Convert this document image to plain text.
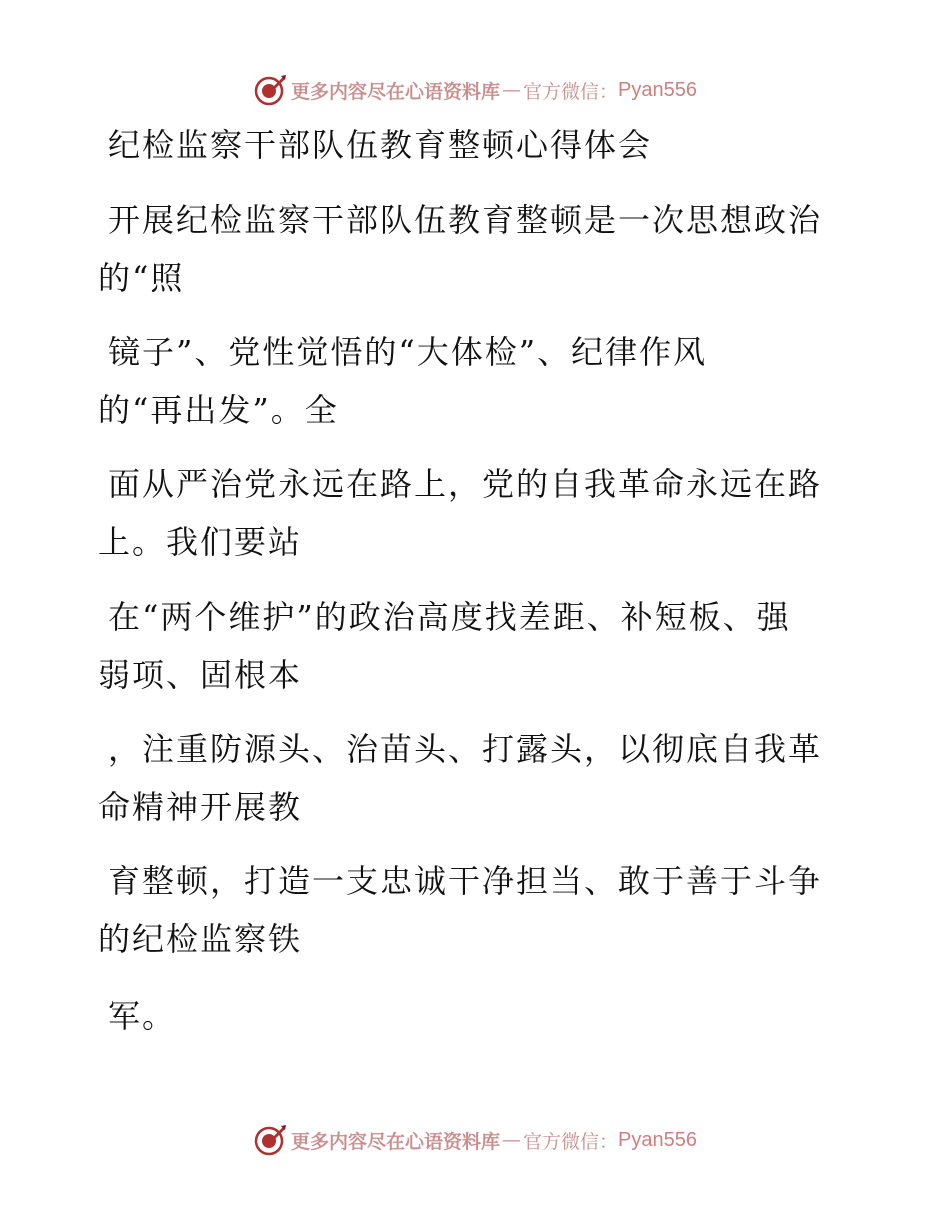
更多内容尽在心语资料库 — 官方微信： Pyan556
纪检监察干部队伍教育整顿心得体会
开展纪检监察干部队伍教育整顿是一次思想政治
的“照
镜子”、党性觉悟的“大体检”、纪律作风
的“再出发”。全
面从严治党永远在路上，党的自我革命永远在路
上。我们要站
在“两个维护”的政治高度找差距、补短板、强
弱项、固根本
，注重防源头、治苗头、打露头，以彻底自我革
命精神开展教
育整顿，打造一支忠诚干净担当、敢于善于斗争
的纪检监察铁
军。
更多内容尽在心语资料库 — 官方微信： Pyan556
